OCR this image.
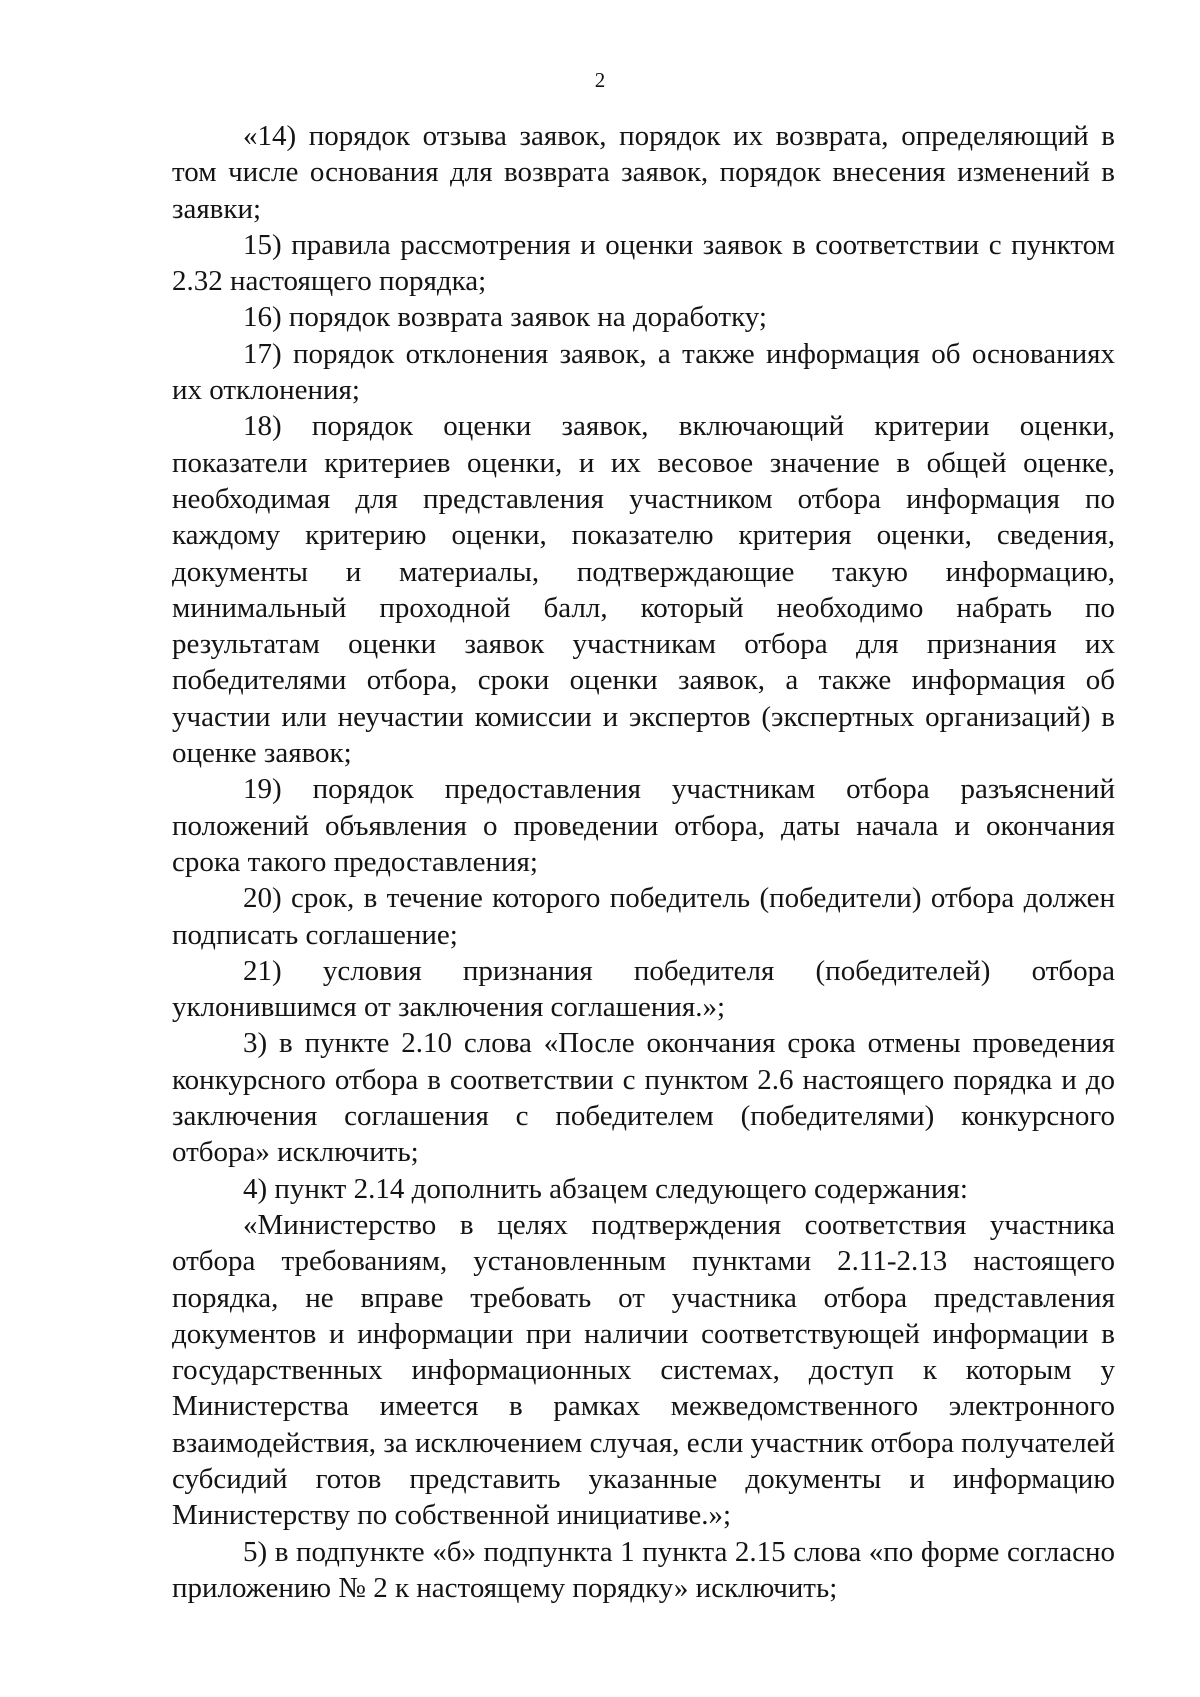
2

«14) порядок отзыва заявок, порядок их возврата, определяющий в том числе основания для возврата заявок, порядок внесения изменений в заявки;

15) правила рассмотрения и оценки заявок в соответствии с пунктом 2.32 настоящего порядка;

16) порядок возврата заявок на доработку;

17) порядок отклонения заявок, а также информация об основаниях их отклонения;

18) порядок оценки заявок, включающий критерии оценки, показатели критериев оценки, и их весовое значение в общей оценке, необходимая для представления участником отбора информация по каждому критерию оценки, показателю критерия оценки, сведения, документы и материалы, подтверждающие такую информацию, минимальный проходной балл, который необходимо набрать по результатам оценки заявок участникам отбора для признания их победителями отбора, сроки оценки заявок, а также информация об участии или неучастии комиссии и экспертов (экспертных организаций) в оценке заявок;

19) порядок предоставления участникам отбора разъяснений положений объявления о проведении отбора, даты начала и окончания срока такого предоставления;

20) срок, в течение которого победитель (победители) отбора должен подписать соглашение;

21) условия признания победителя (победителей) отбора уклонившимся от заключения соглашения.»;

3) в пункте 2.10 слова «После окончания срока отмены проведения конкурсного отбора в соответствии с пунктом 2.6 настоящего порядка и до заключения соглашения с победителем (победителями) конкурсного отбора» исключить;

4) пункт 2.14 дополнить абзацем следующего содержания:

«Министерство в целях подтверждения соответствия участника отбора требованиям, установленным пунктами 2.11-2.13 настоящего порядка, не вправе требовать от участника отбора представления документов и информации при наличии соответствующей информации в государственных информационных системах, доступ к которым у Министерства имеется в рамках межведомственного электронного взаимодействия, за исключением случая, если участник отбора получателей субсидий готов представить указанные документы и информацию Министерству по собственной инициативе.»;

5) в подпункте «б» подпункта 1 пункта 2.15 слова «по форме согласно приложению № 2 к настоящему порядку» исключить;
